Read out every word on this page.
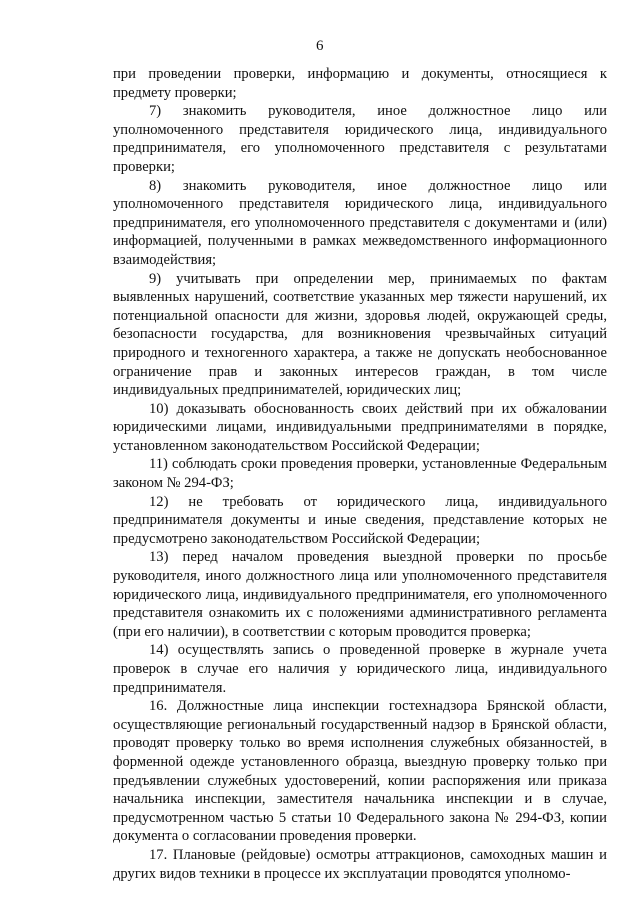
6

при проведении проверки, информацию и документы, относящиеся к предмету проверки;

7) знакомить руководителя, иное должностное лицо или уполномоченного представителя юридического лица, индивидуального предпринимателя, его уполномоченного представителя с результатами проверки;

8) знакомить руководителя, иное должностное лицо или уполномоченного представителя юридического лица, индивидуального предпринимателя, его уполномоченного представителя с документами и (или) информацией, полученными в рамках межведомственного информационного взаимодействия;

9) учитывать при определении мер, принимаемых по фактам выявленных нарушений, соответствие указанных мер тяжести нарушений, их потенциальной опасности для жизни, здоровья людей, окружающей среды, безопасности государства, для возникновения чрезвычайных ситуаций природного и техногенного характера, а также не допускать необоснованное ограничение прав и законных интересов граждан, в том числе индивидуальных предпринимателей, юридических лиц;

10) доказывать обоснованность своих действий при их обжаловании юридическими лицами, индивидуальными предпринимателями в порядке, установленном законодательством Российской Федерации;

11) соблюдать сроки проведения проверки, установленные Федеральным законом № 294-ФЗ;

12) не требовать от юридического лица, индивидуального предпринимателя документы и иные сведения, представление которых не предусмотрено законодательством Российской Федерации;

13) перед началом проведения выездной проверки по просьбе руководителя, иного должностного лица или уполномоченного представителя юридического лица, индивидуального предпринимателя, его уполномоченного представителя ознакомить их с положениями административного регламента (при его наличии), в соответствии с которым проводится проверка;

14) осуществлять запись о проведенной проверке в журнале учета проверок в случае его наличия у юридического лица, индивидуального предпринимателя.

16. Должностные лица инспекции гостехнадзора Брянской области, осуществляющие региональный государственный надзор в Брянской области, проводят проверку только во время исполнения служебных обязанностей, в форменной одежде установленного образца, выездную проверку только при предъявлении служебных удостоверений, копии распоряжения или приказа начальника инспекции, заместителя начальника инспекции и в случае, предусмотренном частью 5 статьи 10 Федерального закона № 294-ФЗ, копии документа о согласовании проведения проверки.

17. Плановые (рейдовые) осмотры аттракционов, самоходных машин и других видов техники в процессе их эксплуатации проводятся уполномо-
